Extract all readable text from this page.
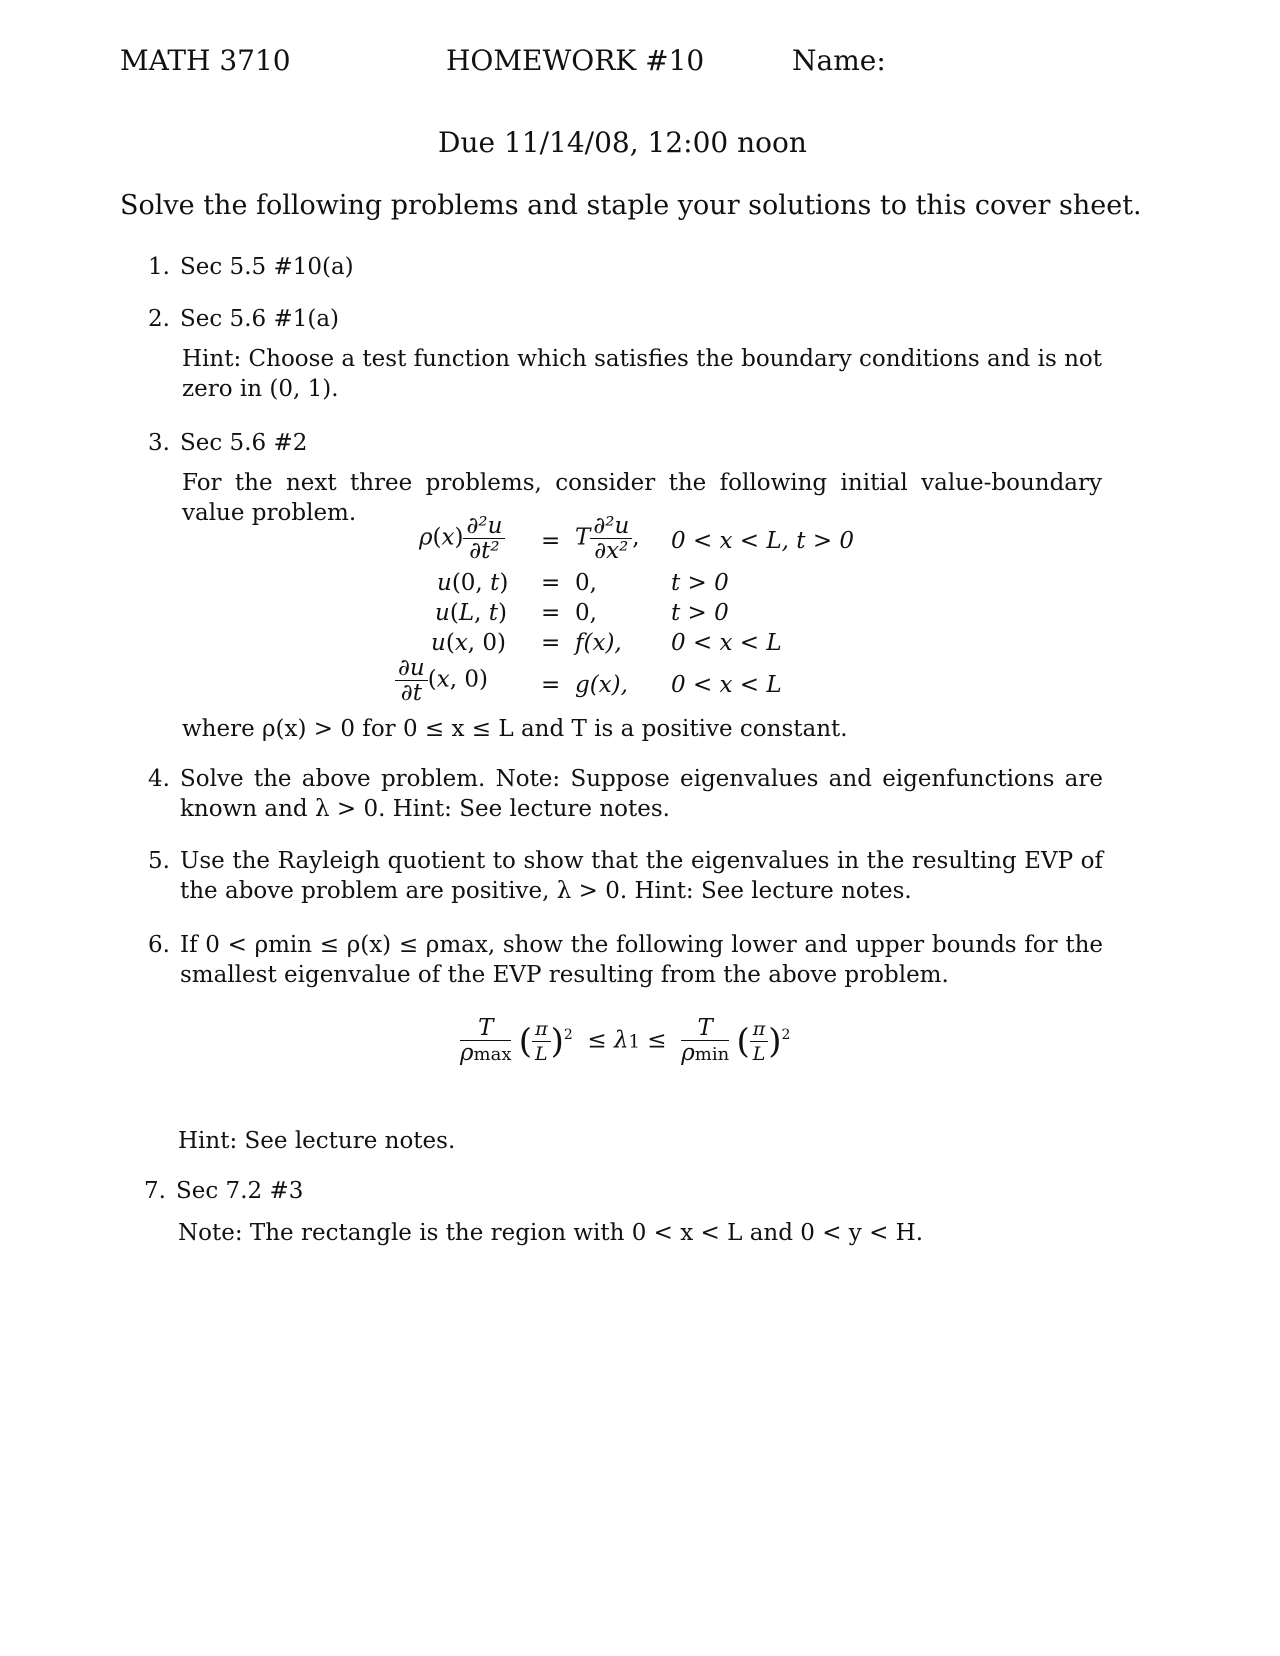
MATH 3710	HOMEWORK #10	Name:
Due 11/14/08, 12:00 noon
Solve the following problems and staple your solutions to this cover sheet.
1. Sec 5.5 #10(a)
2. Sec 5.6 #1(a)
Hint: Choose a test function which satisfies the boundary conditions and is not zero in (0, 1).
3. Sec 5.6 #2
For the next three problems, consider the following initial value-boundary value problem.
$\rho(x) \frac{\text{∂²u}}{\text{∂t²}} = T \frac{\text{∂²u}}{\text{∂x²}}$ , 0 < x < L, t > 0
u(0, t) = 0,	t > 0
u(L, t) = 0,	t > 0
u(x, 0) = f(x), 0 < x < L
$\frac{\partial u}{\partial t} (x$, 0) = g(x), 0 < x < L
where ρ(x) > 0 for 0 ≤ x ≤ L and T is a positive constant.
4. Solve the above problem. Note: Suppose eigenvalues and eigenfunctions are known and λ > 0. Hint: See lecture notes.
5. Use the Rayleigh quotient to show that the eigenvalues in the resulting EVP of the above problem are positive, λ > 0. Hint: See lecture notes.
6. If 0 < ρmin ≤ ρ(x) ≤ ρmax, show the following lower and upper bounds for the smallest eigenvalue of the EVP resulting from the above problem.
$\frac{T}{\rho\max}$ ( $\frac{\pi}{L} )^2 \le \lambda 1 \le \frac{T}{\rho\min}$ ( $\frac{\pi}{L} )^2$
Hint: See lecture notes.
7. Sec 7.2 #3
Note: The rectangle is the region with 0 < x < L and 0 < y < H.
